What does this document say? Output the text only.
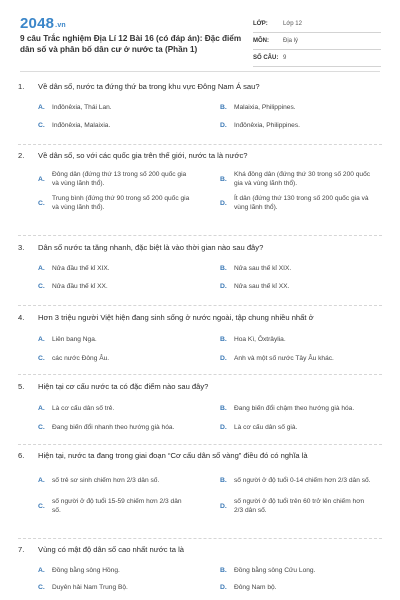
2048.vn
9 câu Trắc nghiệm Địa Lí 12 Bài 16 (có đáp án): Đặc điểm dân số và phân bố dân cư ở nước ta (Phần 1)
LỚP:	Lớp 12
MÔN:	Địa lý
SỐ CÂU: 9
1.	Về dân số, nước ta đứng thứ ba trong khu vực Đông Nam Á sau?
A.	Inđônêxia, Thái Lan.	B.	Malaixia, Philippines.
C.	Inđônêxia, Malaixia.	D.	Inđônêxia, Philippines.
2.	Về dân số, so với các quốc gia trên thế giới, nước ta là nước?
A.
Đông dân (đứng thứ 13 trong số 200 quốc gia và vùng lãnh thổ).
B.
Khá đông dân (đứng thứ 30 trong số 200 quốc gia và vùng lãnh thổ).
C.
Trung bình (đứng thứ 90 trong số 200 quốc gia và vùng lãnh thổ).
D.
Ít dân (đứng thứ 130 trong số 200 quốc gia và vùng lãnh thổ).
3.	Dân số nước ta tăng nhanh, đặc biệt là vào thời gian nào sau đây?
A.	Nửa đầu thế kỉ XIX.	B.	Nửa sau thế kỉ XIX.
C.	Nửa đầu thế kỉ XX.	D.	Nửa sau thế kỉ XX.
4.	Hơn 3 triệu người Việt hiện đang sinh sống ở nước ngoài, tập chung nhiều nhất ở
A.	Liên bang Nga.	B.	Hoa Kì, Ôxtrâylia.
C.	các nước Đông Âu.	D.	Anh và một số nước Tây Âu khác.
5.	Hiện tại cơ cấu nước ta có đặc điểm nào sau đây?
A.	Là cơ cấu dân số trẻ.	B.	Đang biến đổi chậm theo hướng già hóa.
C.	Đang biến đổi nhanh theo hướng già hóa.	D.	Là cơ cấu dân số già.
6.	Hiện tại, nước ta đang trong giai đoạn “Cơ cấu dân số vàng” điều đó có nghĩa là
A.	số trẻ sơ sinh chiếm hơn 2/3 dân số.	B.	số người ở độ tuổi 0-14 chiếm hơn 2/3 dân số.
C.
số người ở độ tuổi 15-59 chiếm hơn 2/3 dân số.
D.
số người ở độ tuổi trên 60 trở lên chiếm hơn 2/3 dân số.
7.	Vùng có mật độ dân số cao nhất nước ta là
A.	Đồng bằng sông Hồng.	B.	Đồng bằng sông Cửu Long.
C.	Duyên hải Nam Trung Bộ.	D.	Đông Nam bộ.
